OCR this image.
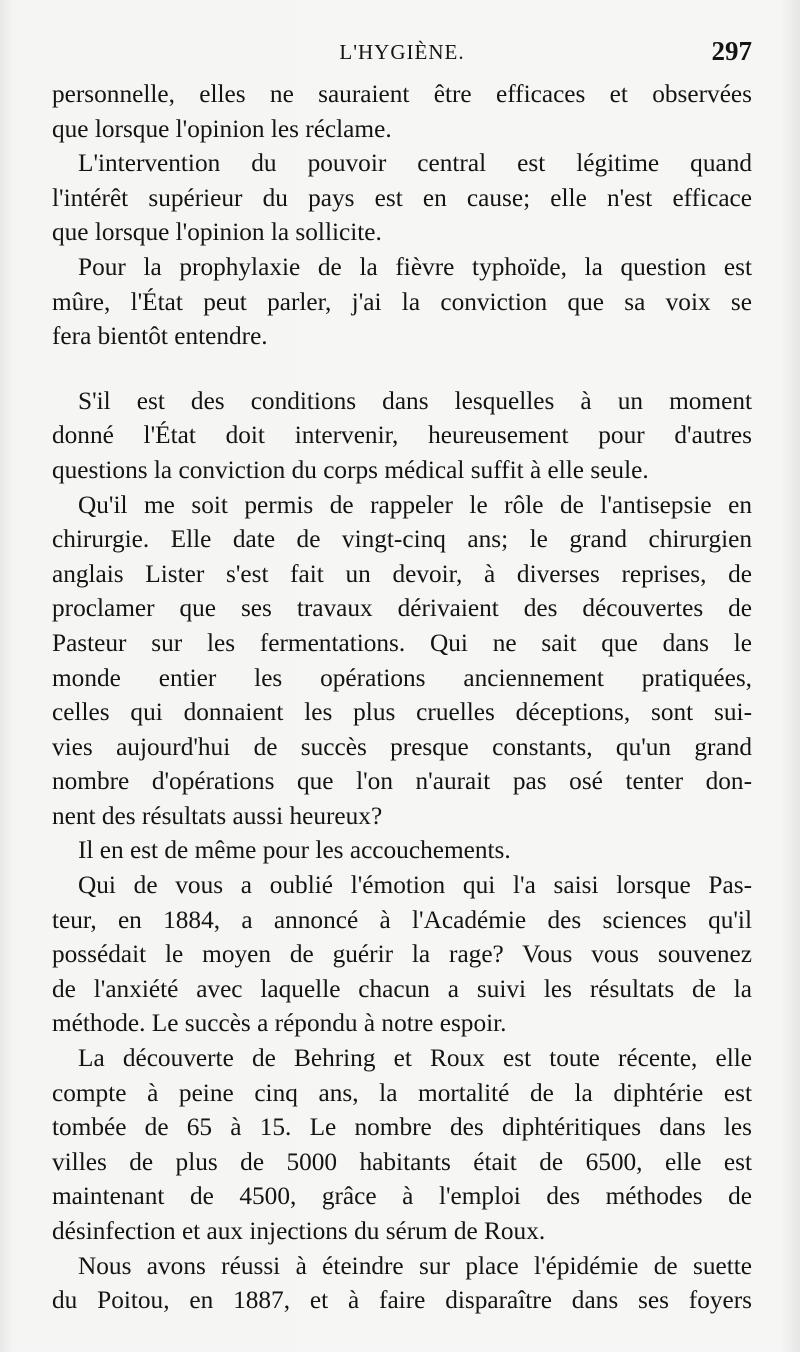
L'HYGIÈNE.	297
personnelle, elles ne sauraient être efficaces et observées
que lorsque l'opinion les réclame.
L'intervention du pouvoir central est légitime quand
l'intérêt supérieur du pays est en cause; elle n'est efficace
que lorsque l'opinion la sollicite.
Pour la prophylaxie de la fièvre typhoïde, la question est
mûre, l'État peut parler, j'ai la conviction que sa voix se
fera bientôt entendre.
S'il est des conditions dans lesquelles à un moment
donné l'État doit intervenir, heureusement pour d'autres
questions la conviction du corps médical suffit à elle seule.
Qu'il me soit permis de rappeler le rôle de l'antisepsie en
chirurgie. Elle date de vingt-cinq ans; le grand chirurgien
anglais Lister s'est fait un devoir, à diverses reprises, de
proclamer que ses travaux dérivaient des découvertes de
Pasteur sur les fermentations. Qui ne sait que dans le
monde entier les opérations anciennement pratiquées,
celles qui donnaient les plus cruelles déceptions, sont sui-
vies aujourd'hui de succès presque constants, qu'un grand
nombre d'opérations que l'on n'aurait pas osé tenter don-
nent des résultats aussi heureux?
Il en est de même pour les accouchements.
Qui de vous a oublié l'émotion qui l'a saisi lorsque Pas-
teur, en 1884, a annoncé à l'Académie des sciences qu'il
possédait le moyen de guérir la rage? Vous vous souvenez
de l'anxiété avec laquelle chacun a suivi les résultats de la
méthode. Le succès a répondu à notre espoir.
La découverte de Behring et Roux est toute récente, elle
compte à peine cinq ans, la mortalité de la diphtérie est
tombée de 65 à 15. Le nombre des diphtéritiques dans les
villes de plus de 5000 habitants était de 6500, elle est
maintenant de 4500, grâce à l'emploi des méthodes de
désinfection et aux injections du sérum de Roux.
Nous avons réussi à éteindre sur place l'épidémie de suette
du Poitou, en 1887, et à faire disparaître dans ses foyers
